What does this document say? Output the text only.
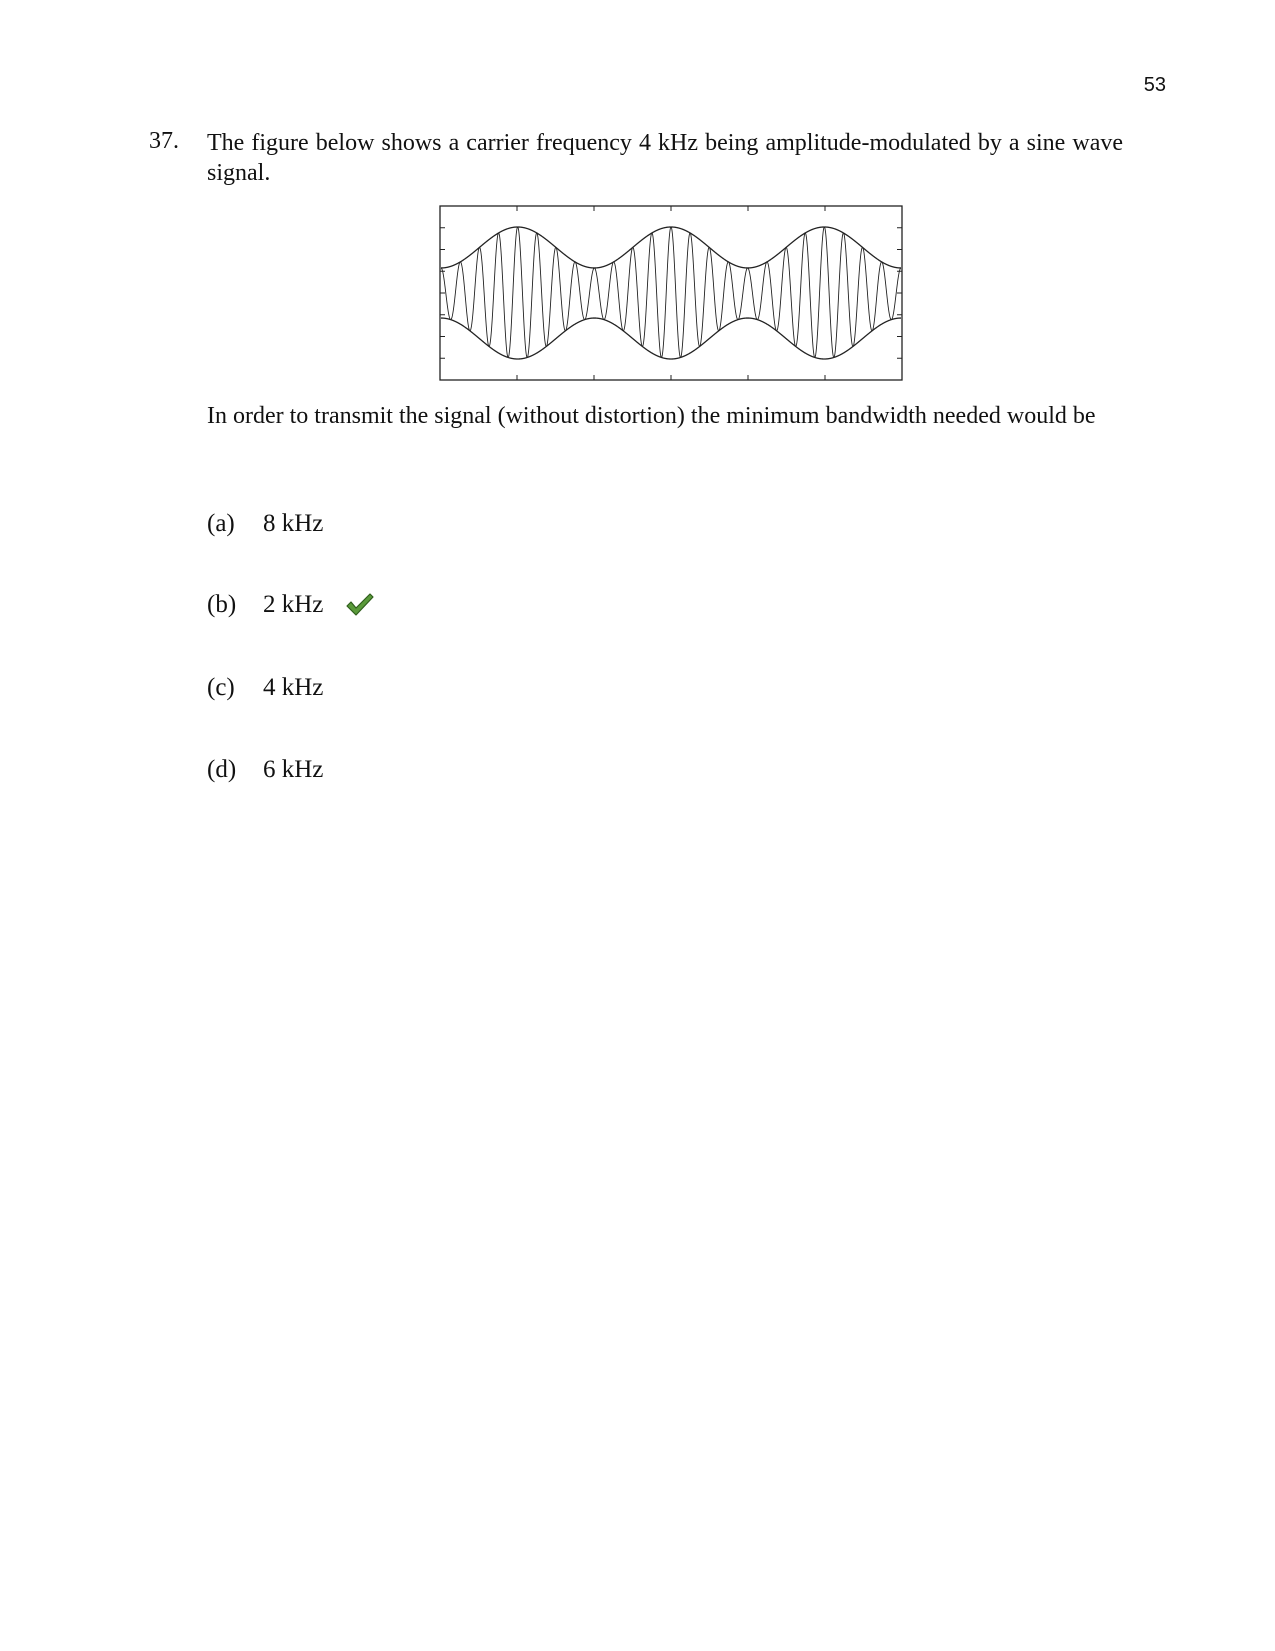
53
37. The figure below shows a carrier frequency 4 kHz being amplitude-modulated by a sine wave signal.

In order to transmit the signal (without distortion) the minimum bandwidth needed would be

(a)	8 kHz
(b)	2 kHz
(c)	4 kHz
(d)	6 kHz
